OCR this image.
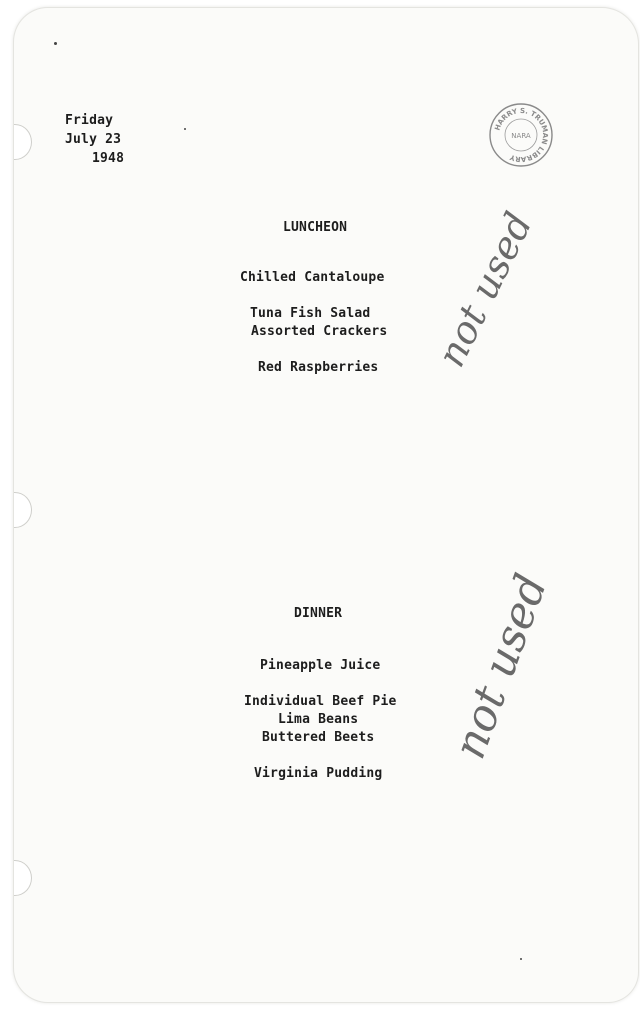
Friday
July 23
1948
HARRY S. TRUMAN LIBRARY
NARA
LUNCHEON
Chilled Cantaloupe
Tuna Fish Salad
Assorted Crackers
Red Raspberries not used
DINNER
Pineapple Juice
Individual Beef Pie
Lima Beans
Buttered Beets
Virginia Pudding
not used
